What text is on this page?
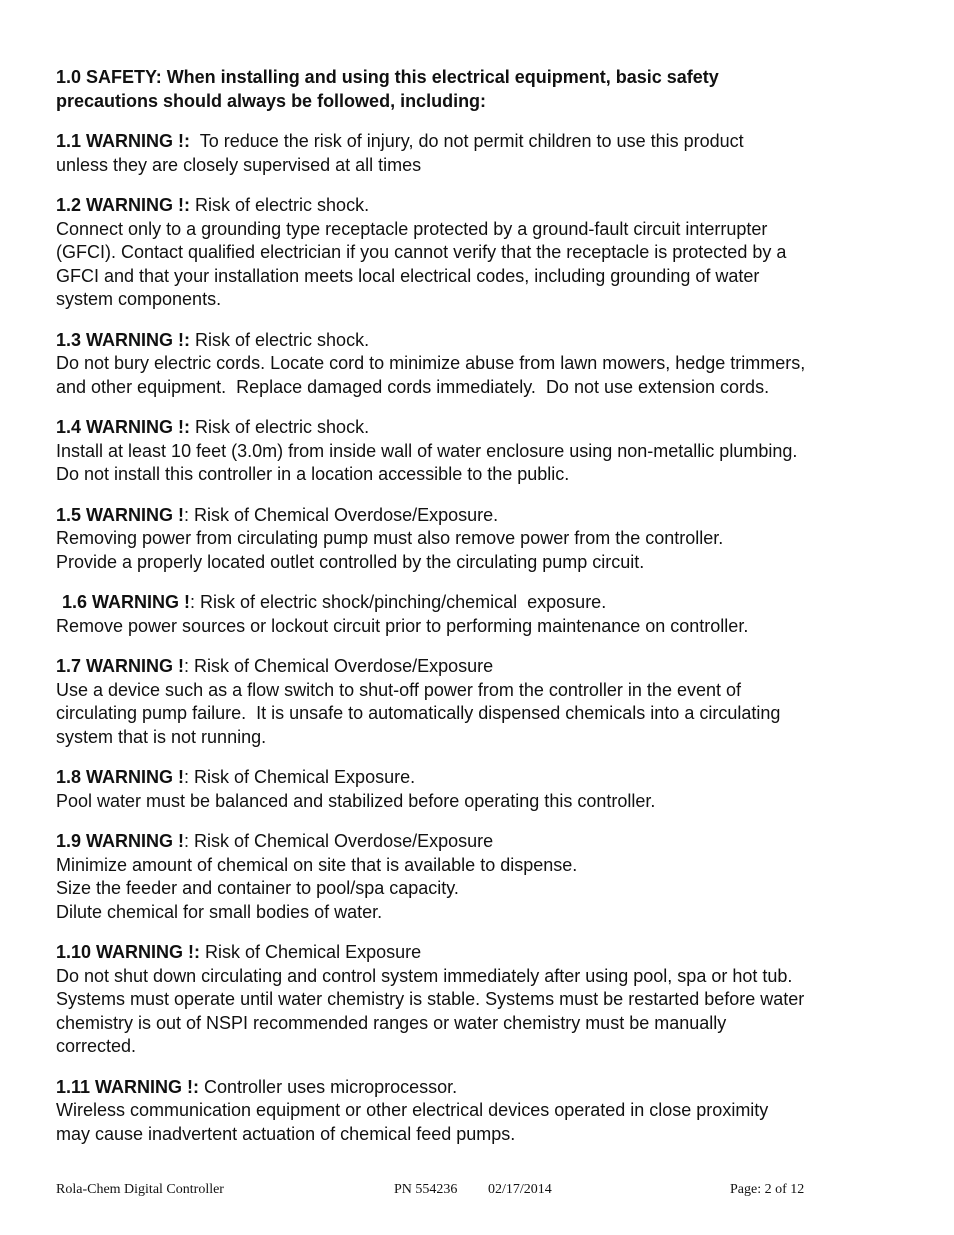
1.0 SAFETY: When installing and using this electrical equipment, basic safety
precautions should always be followed, including:
1.1 WARNING !:  To reduce the risk of injury, do not permit children to use this product
unless they are closely supervised at all times
1.2 WARNING !: Risk of electric shock.
Connect only to a grounding type receptacle protected by a ground-fault circuit interrupter
(GFCI). Contact qualified electrician if you cannot verify that the receptacle is protected by a
GFCI and that your installation meets local electrical codes, including grounding of water
system components.
1.3 WARNING !: Risk of electric shock.
Do not bury electric cords. Locate cord to minimize abuse from lawn mowers, hedge trimmers,
and other equipment.  Replace damaged cords immediately.  Do not use extension cords.
1.4 WARNING !: Risk of electric shock.
Install at least 10 feet (3.0m) from inside wall of water enclosure using non-metallic plumbing.
Do not install this controller in a location accessible to the public.
1.5 WARNING !: Risk of Chemical Overdose/Exposure.
Removing power from circulating pump must also remove power from the controller.
Provide a properly located outlet controlled by the circulating pump circuit.
1.6 WARNING !: Risk of electric shock/pinching/chemical  exposure.
Remove power sources or lockout circuit prior to performing maintenance on controller.
1.7 WARNING !: Risk of Chemical Overdose/Exposure
Use a device such as a flow switch to shut-off power from the controller in the event of
circulating pump failure.  It is unsafe to automatically dispensed chemicals into a circulating
system that is not running.
1.8 WARNING !: Risk of Chemical Exposure.
Pool water must be balanced and stabilized before operating this controller.
1.9 WARNING !: Risk of Chemical Overdose/Exposure
Minimize amount of chemical on site that is available to dispense.
Size the feeder and container to pool/spa capacity.
Dilute chemical for small bodies of water.
1.10 WARNING !: Risk of Chemical Exposure
Do not shut down circulating and control system immediately after using pool, spa or hot tub.
Systems must operate until water chemistry is stable. Systems must be restarted before water
chemistry is out of NSPI recommended ranges or water chemistry must be manually
corrected.
1.11 WARNING !: Controller uses microprocessor.
Wireless communication equipment or other electrical devices operated in close proximity
may cause inadvertent actuation of chemical feed pumps.
Rola-Chem Digital Controller	PN 554236 02/17/2014	Page: 2 of 12
